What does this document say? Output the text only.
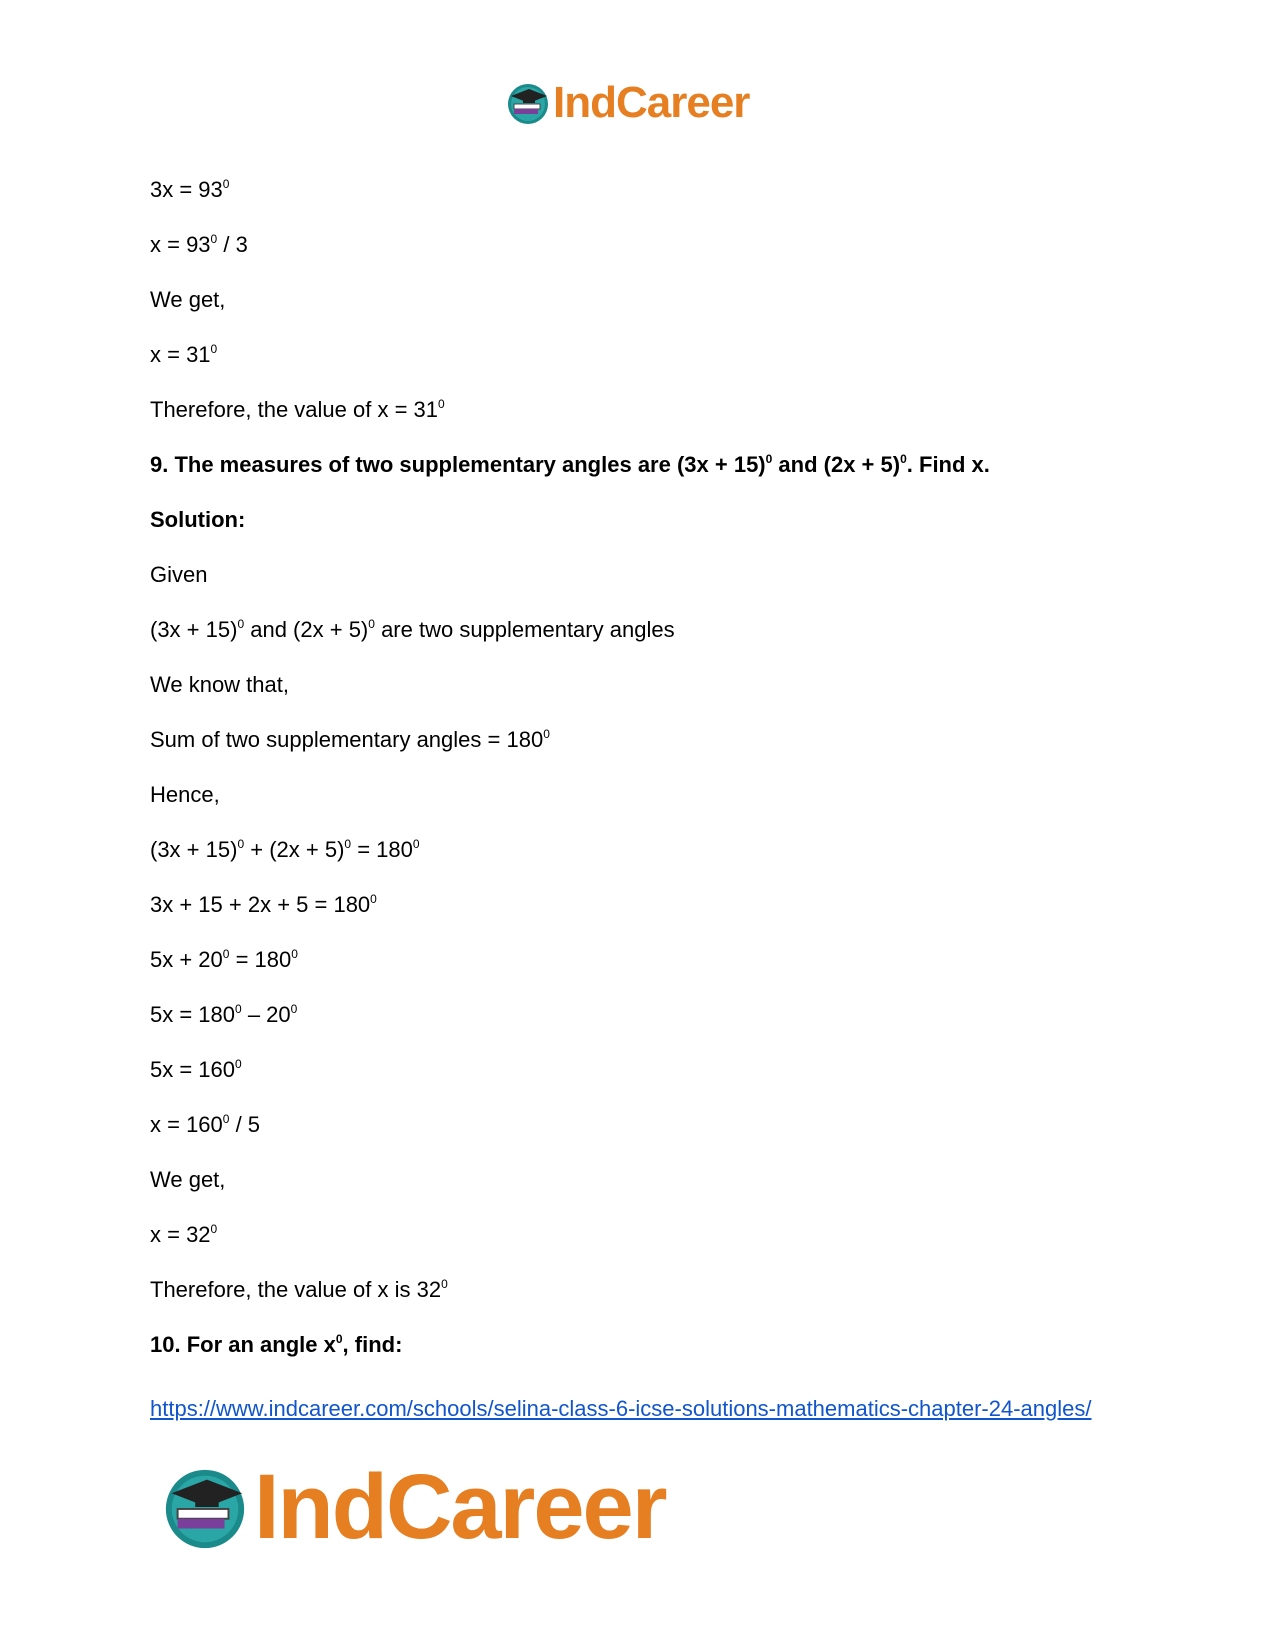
IndCareer
$3x = 93^0$
$x = 93^0 / 3$
We get,
$x = 31^0$
Therefore, the value of $x = 31^0$
9. The measures of two supplementary angles are $(3x + 15)^0$ and $(2x + 5)^0$. Find x.
Solution:
Given
$(3x + 15)^0$ and $(2x + 5)^0$ are two supplementary angles
We know that,
Sum of two supplementary angles = $180^0$
Hence,
$(3x + 15)^0 + (2x + 5)^0 = 180^0$
$3x + 15 + 2x + 5 = 180^0$
$5x + 20^0 = 180^0$
$5x = 180^0 - 20^0$
$5x = 160^0$
$x = 160^0 / 5$
We get,
$x = 32^0$
Therefore, the value of x is $32^0$
10. For an angle $x^0$, find:
https://www.indcareer.com/schools/selina-class-6-icse-solutions-mathematics-chapter-24-angles/
IndCareer
